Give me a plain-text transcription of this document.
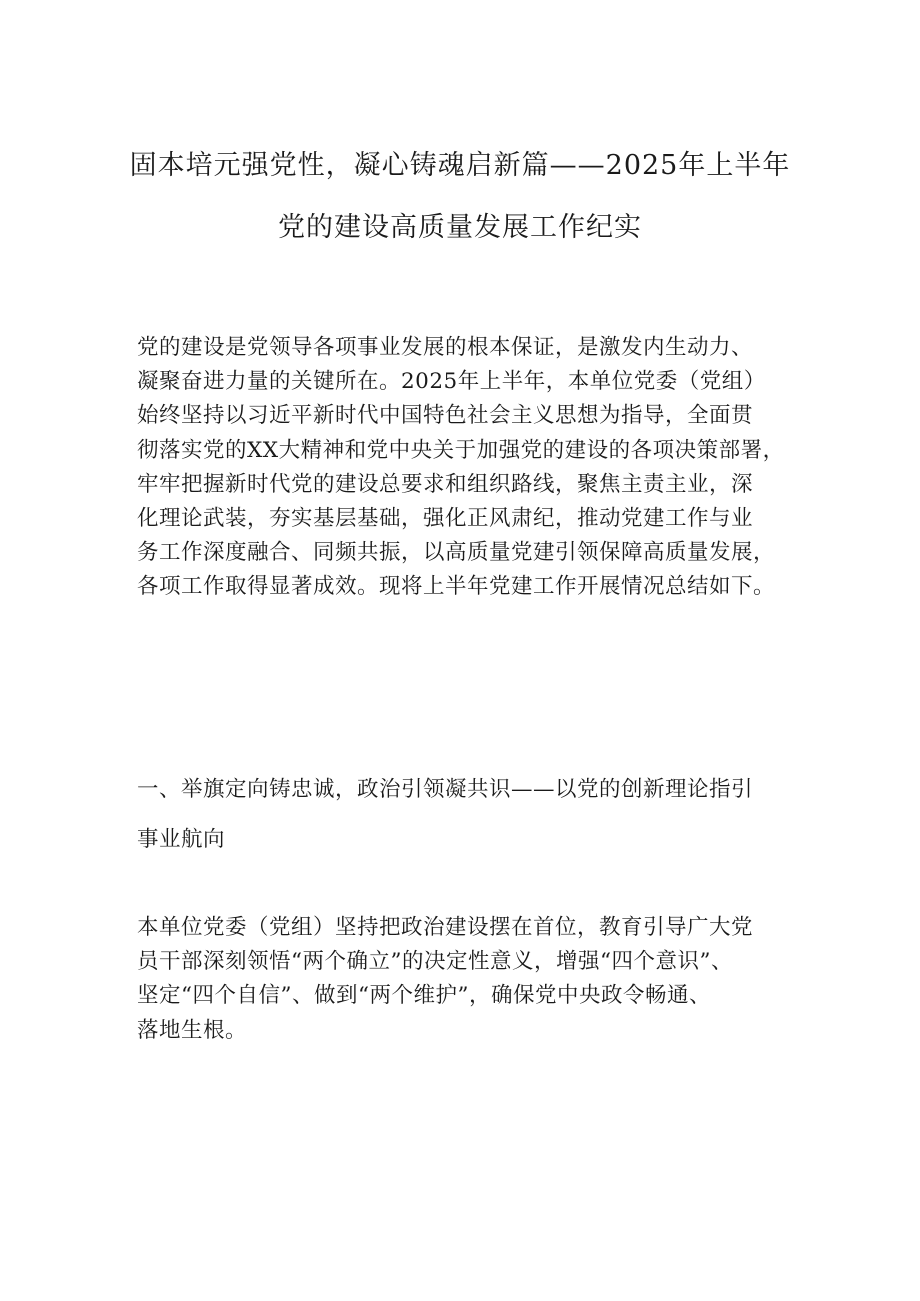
固本培元强党性，凝心铸魂启新篇——2025年上半年
党的建设高质量发展工作纪实

党的建设是党领导各项事业发展的根本保证，是激发内生动力、
凝聚奋进力量的关键所在。2025年上半年，本单位党委（党组）
始终坚持以习近平新时代中国特色社会主义思想为指导，全面贯
彻落实党的XX大精神和党中央关于加强党的建设的各项决策部署，
牢牢把握新时代党的建设总要求和组织路线，聚焦主责主业，深
化理论武装，夯实基层基础，强化正风肃纪，推动党建工作与业
务工作深度融合、同频共振，以高质量党建引领保障高质量发展，
各项工作取得显著成效。现将上半年党建工作开展情况总结如下。

一、举旗定向铸忠诚，政治引领凝共识——以党的创新理论指引
事业航向

本单位党委（党组）坚持把政治建设摆在首位，教育引导广大党
员干部深刻领悟“两个确立”的决定性意义，增强“四个意识”、
坚定“四个自信”、做到“两个维护”，确保党中央政令畅通、
落地生根。
